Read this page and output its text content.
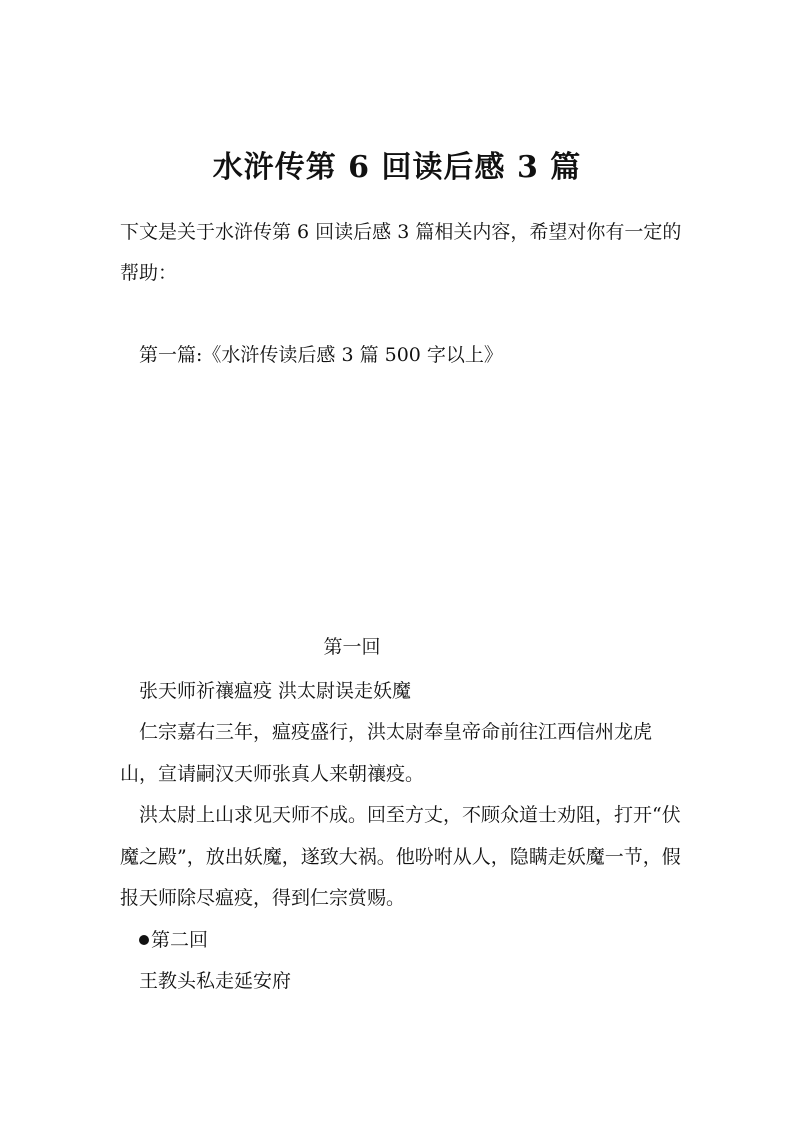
水浒传第 6 回读后感 3 篇

下文是关于水浒传第 6 回读后感 3 篇相关内容，希望对你有一定的

帮助：

第一篇:《水浒传读后感 3 篇 500 字以上》

第一回

张天师祈禳瘟疫 洪太尉误走妖魔

仁宗嘉右三年，瘟疫盛行，洪太尉奉皇帝命前往江西信州龙虎

山，宣请嗣汉天师张真人来朝禳疫。

洪太尉上山求见天师不成。回至方丈，不顾众道士劝阻，打开“伏

魔之殿”，放出妖魔，遂致大祸。他吩咐从人，隐瞒走妖魔一节，假

报天师除尽瘟疫，得到仁宗赏赐。

第二回

王教头私走延安府
